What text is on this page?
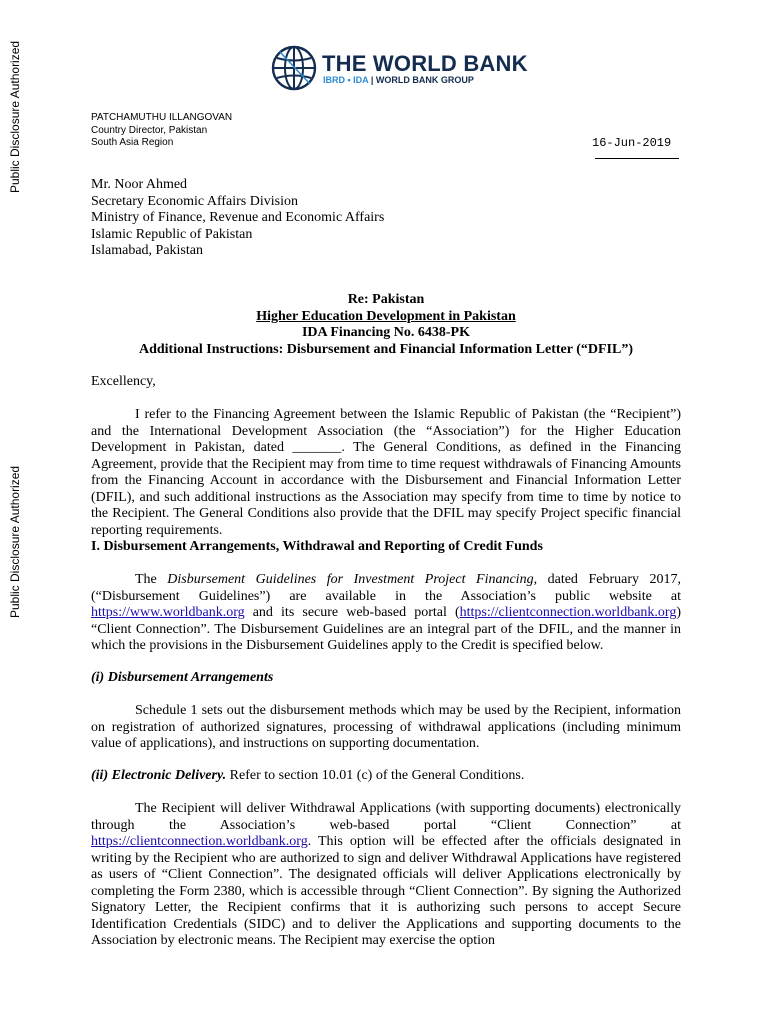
Public Disclosure Authorized
Public Disclosure Authorized
THE WORLD BANK
IBRD • IDA | WORLD BANK GROUP
PATCHAMUTHU ILLANGOVAN
Country Director, Pakistan
South Asia Region	16-Jun-2019
Mr. Noor Ahmed
Secretary Economic Affairs Division
Ministry of Finance, Revenue and Economic Affairs
Islamic Republic of Pakistan
Islamabad, Pakistan
Re: Pakistan
Higher Education Development in Pakistan
IDA Financing No. 6438-PK
Additional Instructions: Disbursement and Financial Information Letter (“DFIL”)
Excellency,
I refer to the Financing Agreement between the Islamic Republic of Pakistan (the “Recipient”) and the International Development Association (the “Association”) for the Higher Education Development in Pakistan, dated _______. The General Conditions, as defined in the Financing Agreement, provide that the Recipient may from time to time request withdrawals of Financing Amounts from the Financing Account in accordance with the Disbursement and Financial Information Letter (DFIL), and such additional instructions as the Association may specify from time to time by notice to the Recipient. The General Conditions also provide that the DFIL may specify Project specific financial reporting requirements.
I. Disbursement Arrangements, Withdrawal and Reporting of Credit Funds
The Disbursement Guidelines for Investment Project Financing, dated February 2017, (“Disbursement Guidelines”) are available in the Association’s public website at https://www.worldbank.org and its secure web-based portal (https://clientconnection.worldbank.org) “Client Connection”. The Disbursement Guidelines are an integral part of the DFIL, and the manner in which the provisions in the Disbursement Guidelines apply to the Credit is specified below.
(i) Disbursement Arrangements
Schedule 1 sets out the disbursement methods which may be used by the Recipient, information on registration of authorized signatures, processing of withdrawal applications (including minimum value of applications), and instructions on supporting documentation.
(ii) Electronic Delivery. Refer to section 10.01 (c) of the General Conditions.
The Recipient will deliver Withdrawal Applications (with supporting documents) electronically through the Association’s web-based portal “Client Connection” at https://clientconnection.worldbank.org. This option will be effected after the officials designated in writing by the Recipient who are authorized to sign and deliver Withdrawal Applications have registered as users of “Client Connection”. The designated officials will deliver Applications electronically by completing the Form 2380, which is accessible through “Client Connection”. By signing the Authorized Signatory Letter, the Recipient confirms that it is authorizing such persons to accept Secure Identification Credentials (SIDC) and to deliver the Applications and supporting documents to the Association by electronic means. The Recipient may exercise the option
